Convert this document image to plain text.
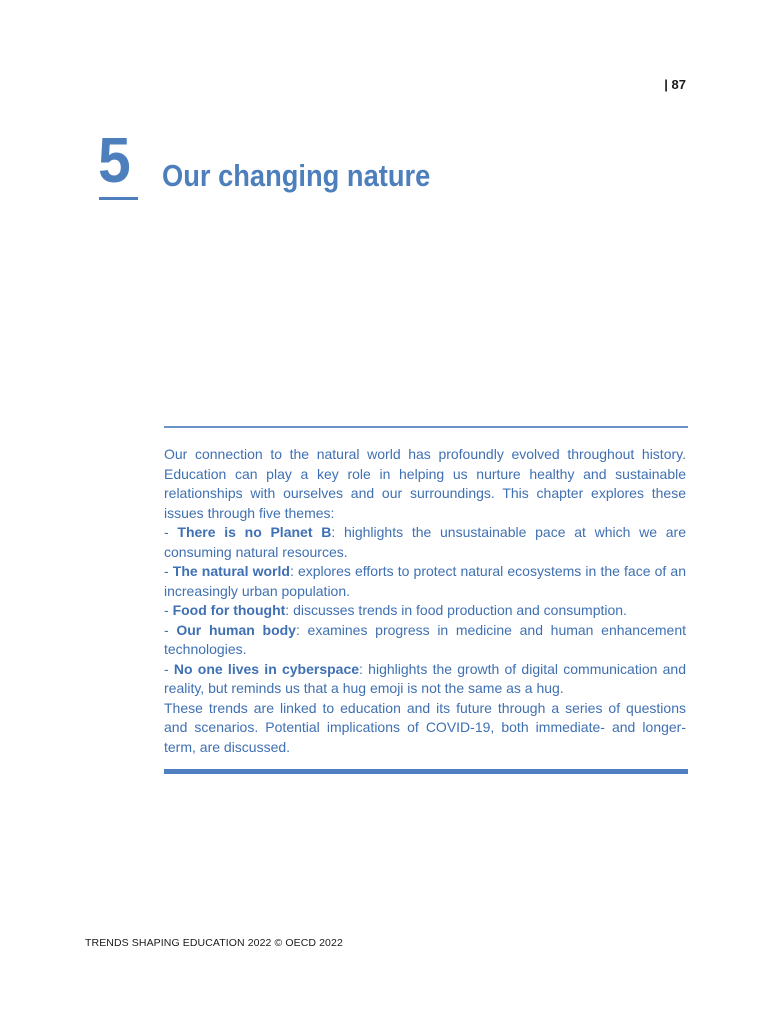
| 87
5 Our changing nature

Our connection to the natural world has profoundly evolved throughout history. Education can play a key role in helping us nurture healthy and sustainable relationships with ourselves and our surroundings. This chapter explores these issues through five themes:

- There is no Planet B: highlights the unsustainable pace at which we are consuming natural resources.

- The natural world: explores efforts to protect natural ecosystems in the face of an increasingly urban population.

- Food for thought: discusses trends in food production and consumption.

- Our human body: examines progress in medicine and human enhancement technologies.

- No one lives in cyberspace: highlights the growth of digital communication and reality, but reminds us that a hug emoji is not the same as a hug.

These trends are linked to education and its future through a series of questions and scenarios. Potential implications of COVID-19, both immediate- and longer-term, are discussed.

TRENDS SHAPING EDUCATION 2022 © OECD 2022
